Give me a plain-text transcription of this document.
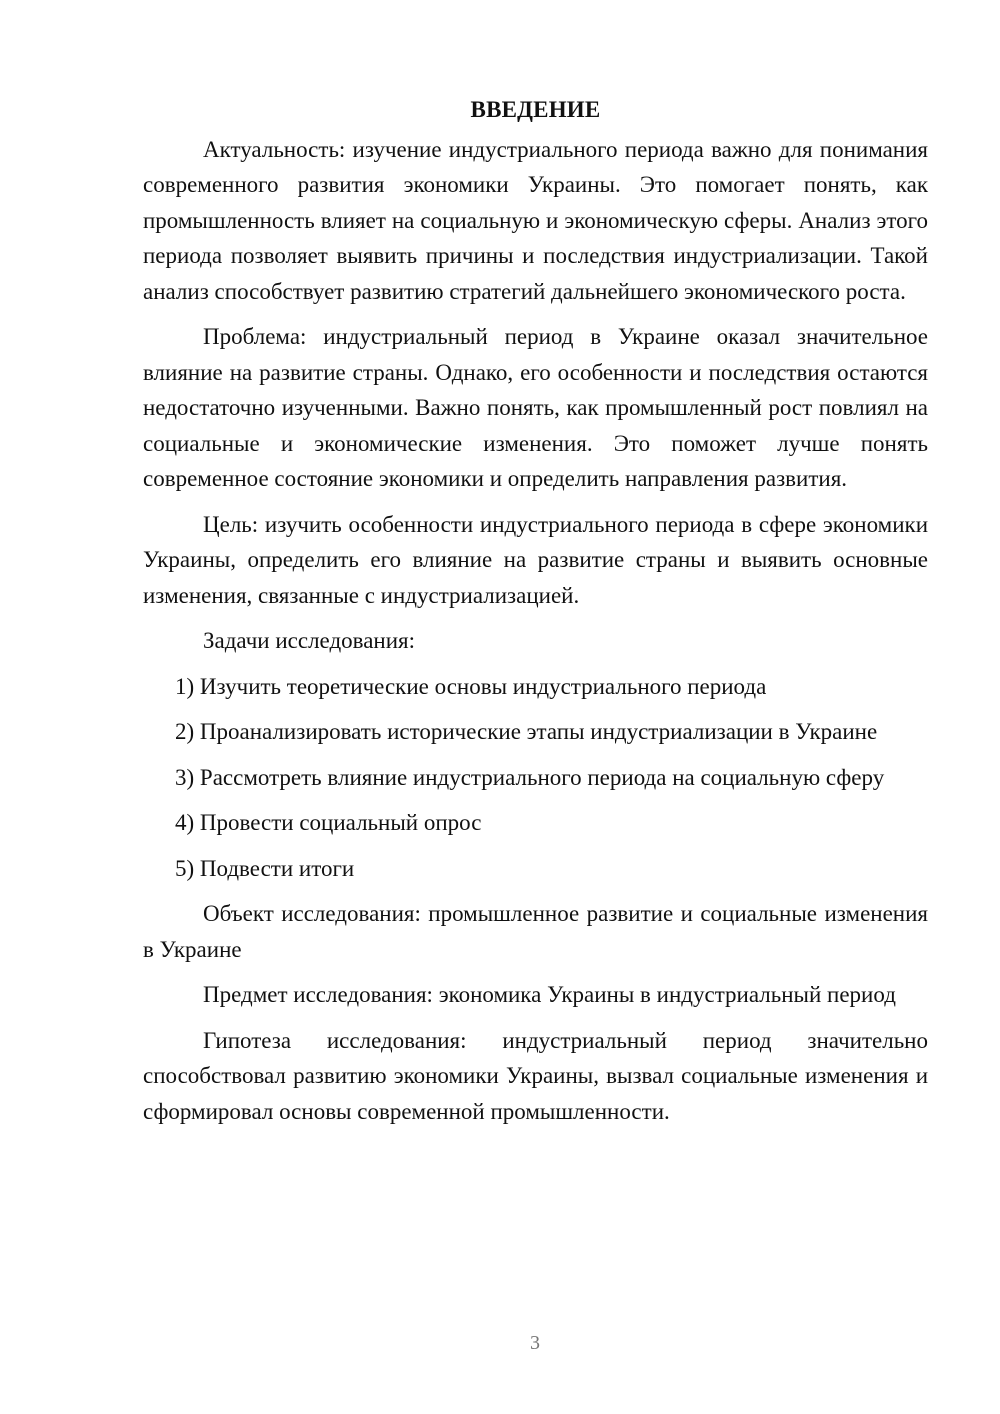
ВВЕДЕНИЕ

Актуальность: изучение индустриального периода важно для понимания современного развития экономики Украины. Это помогает понять, как промышленность влияет на социальную и экономическую сферы. Анализ этого периода позволяет выявить причины и последствия индустриализации. Такой анализ способствует развитию стратегий дальнейшего экономического роста.

Проблема: индустриальный период в Украине оказал значительное влияние на развитие страны. Однако, его особенности и последствия остаются недостаточно изученными. Важно понять, как промышленный рост повлиял на социальные и экономические изменения. Это поможет лучше понять современное состояние экономики и определить направления развития.

Цель: изучить особенности индустриального периода в сфере экономики Украины, определить его влияние на развитие страны и выявить основные изменения, связанные с индустриализацией.

Задачи исследования:

1) Изучить теоретические основы индустриального периода

2) Проанализировать исторические этапы индустриализации в Украине

3) Рассмотреть влияние индустриального периода на социальную сферу

4) Провести социальный опрос

5) Подвести итоги

Объект исследования: промышленное развитие и социальные изменения в Украине

Предмет исследования: экономика Украины в индустриальный период

Гипотеза исследования: индустриальный период значительно способствовал развитию экономики Украины, вызвал социальные изменения и сформировал основы современной промышленности.

3
